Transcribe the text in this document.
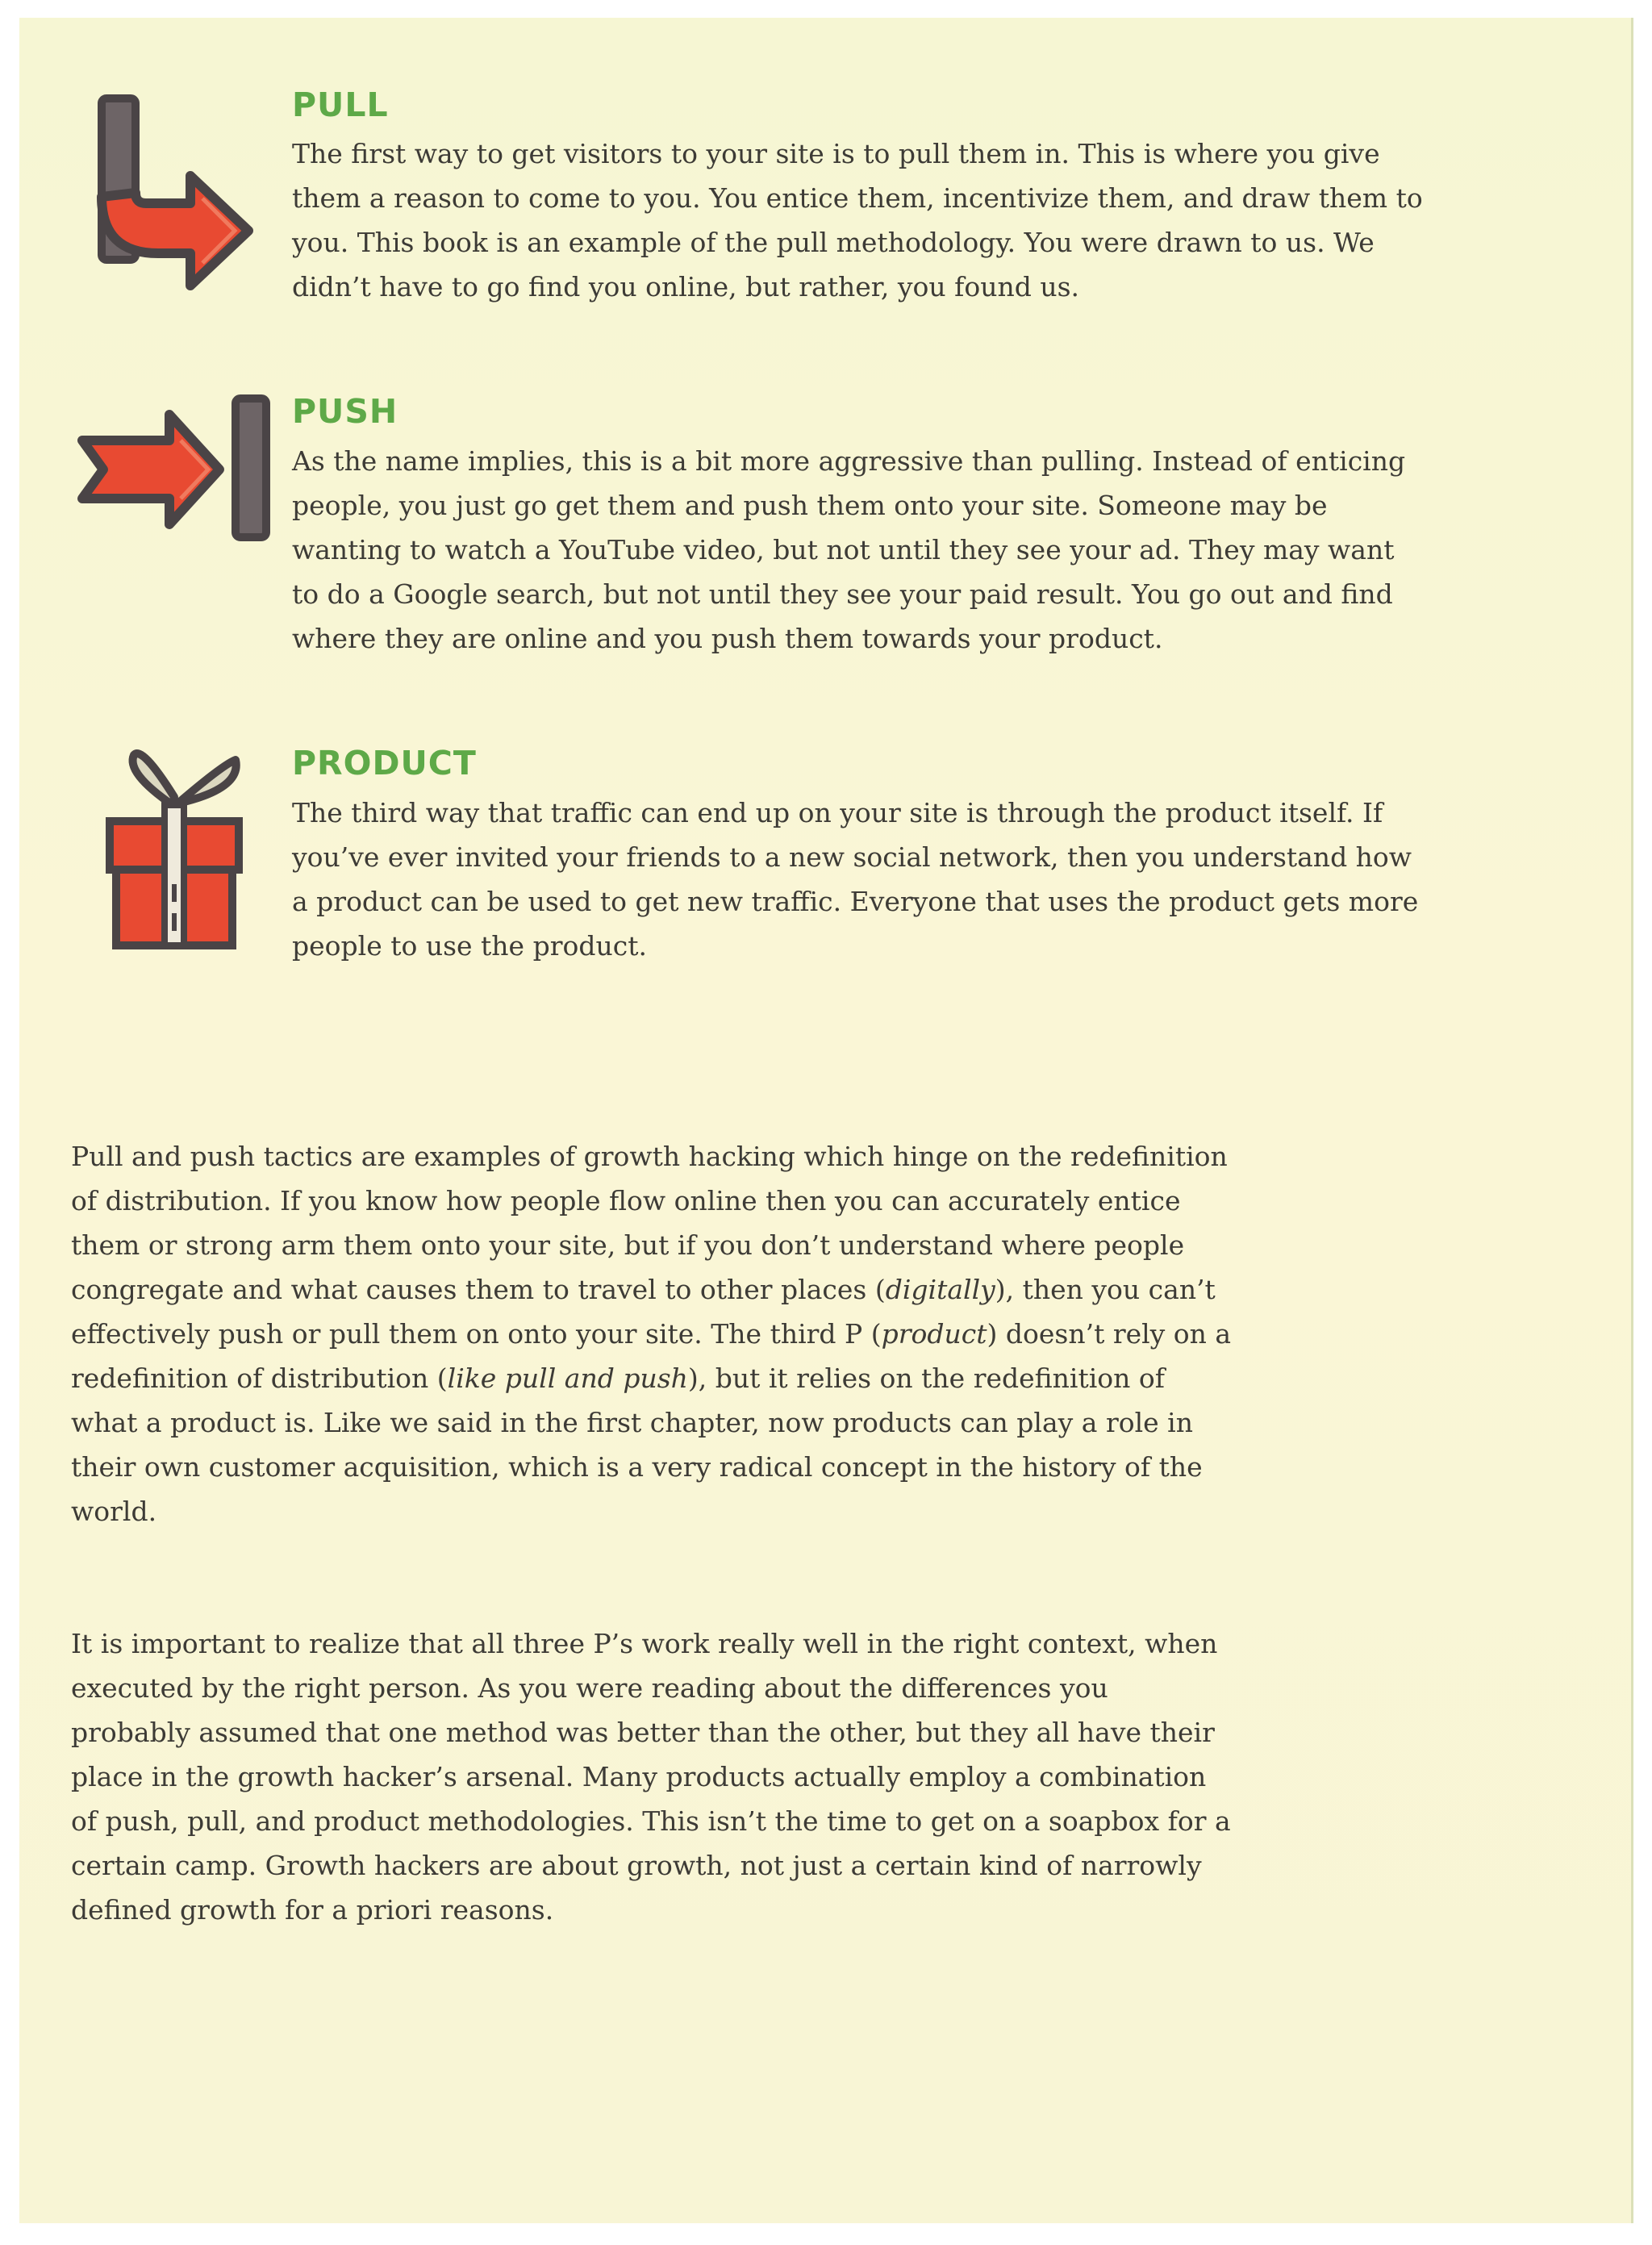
PULL

The first way to get visitors to your site is to pull them in. This is where you give them a reason to come to you. You entice them, incentivize them, and draw them to you. This book is an example of the pull methodology. You were drawn to us. We didn’t have to go find you online, but rather, you found us.

PUSH

As the name implies, this is a bit more aggressive than pulling. Instead of enticing people, you just go get them and push them onto your site. Someone may be wanting to watch a YouTube video, but not until they see your ad. They may want to do a Google search, but not until they see your paid result. You go out and find where they are online and you push them towards your product.

PRODUCT

The third way that traffic can end up on your site is through the product itself. If you’ve ever invited your friends to a new social network, then you understand how a product can be used to get new traffic. Everyone that uses the product gets more people to use the product.

Pull and push tactics are examples of growth hacking which hinge on the redefinition of distribution. If you know how people flow online then you can accurately entice them or strong arm them onto your site, but if you don’t understand where people congregate and what causes them to travel to other places (digitally), then you can’t effectively push or pull them on onto your site. The third P (product) doesn’t rely on a redefinition of distribution (like pull and push), but it relies on the redefinition of what a product is. Like we said in the first chapter, now products can play a role in their own customer acquisition, which is a very radical concept in the history of the world.

It is important to realize that all three P’s work really well in the right context, when executed by the right person. As you were reading about the differences you probably assumed that one method was better than the other, but they all have their place in the growth hacker’s arsenal. Many products actually employ a combination of push, pull, and product methodologies. This isn’t the time to get on a soapbox for a certain camp. Growth hackers are about growth, not just a certain kind of narrowly defined growth for a priori reasons.
